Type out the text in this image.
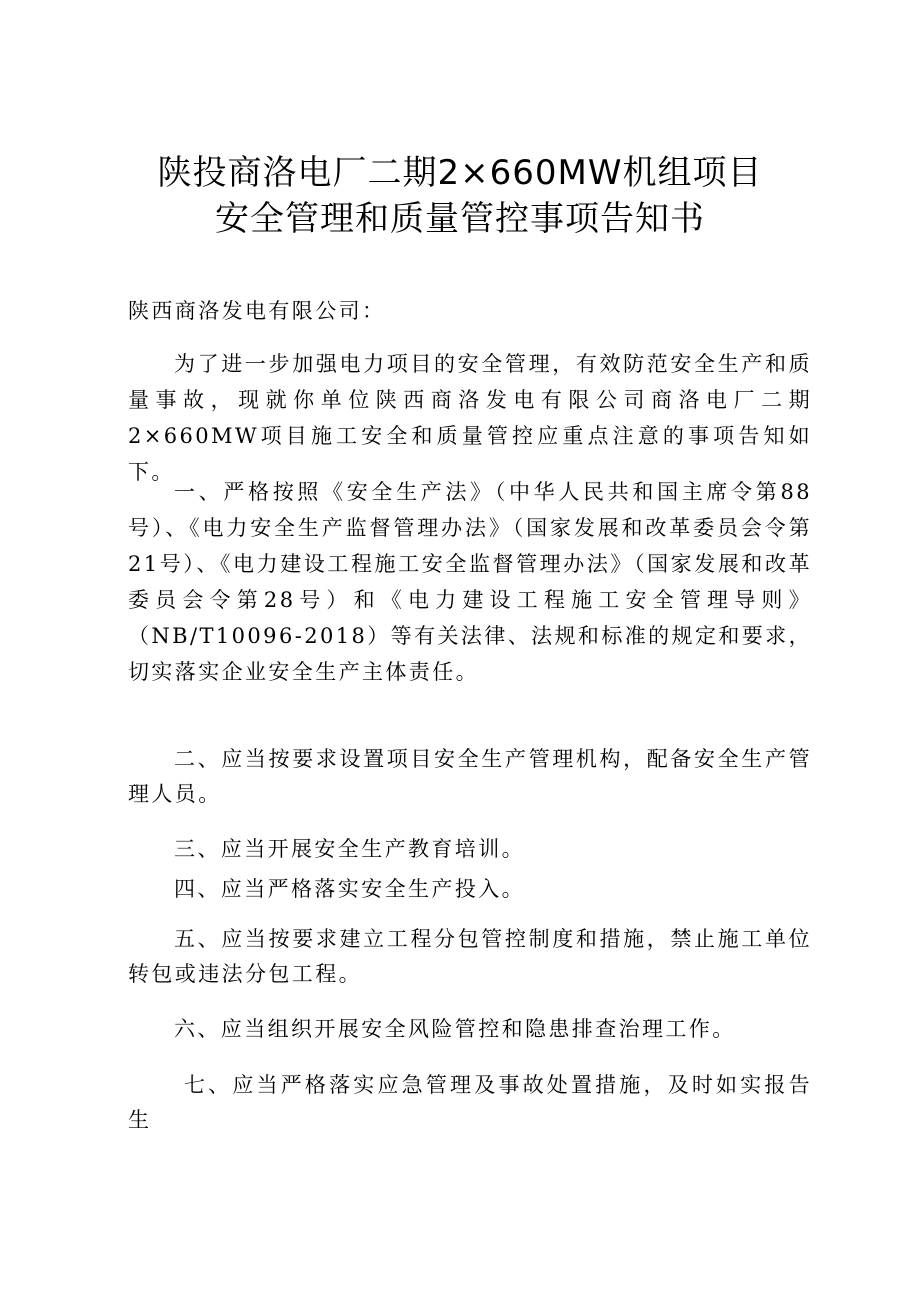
陕投商洛电厂二期2×660MW机组项目
安全管理和质量管控事项告知书
陕西商洛发电有限公司：
为了进一步加强电力项目的安全管理，有效防范安全生产和质量事故，现就你单位陕西商洛发电有限公司商洛电厂二期2×660MW项目施工安全和质量管控应重点注意的事项告知如下。
一、严格按照《安全生产法》（中华人民共和国主席令第88号）、《电力安全生产监督管理办法》（国家发展和改革委员会令第21号）、《电力建设工程施工安全监督管理办法》（国家发展和改革委员会令第28号）和《电力建设工程施工安全管理导则》（NB/T10096-2018）等有关法律、法规和标准的规定和要求，切实落实企业安全生产主体责任。
二、应当按要求设置项目安全生产管理机构，配备安全生产管理人员。
三、应当开展安全生产教育培训。
四、应当严格落实安全生产投入。
五、应当按要求建立工程分包管控制度和措施，禁止施工单位转包或违法分包工程。
六、应当组织开展安全风险管控和隐患排查治理工作。
七、应当严格落实应急管理及事故处置措施，及时如实报告生
